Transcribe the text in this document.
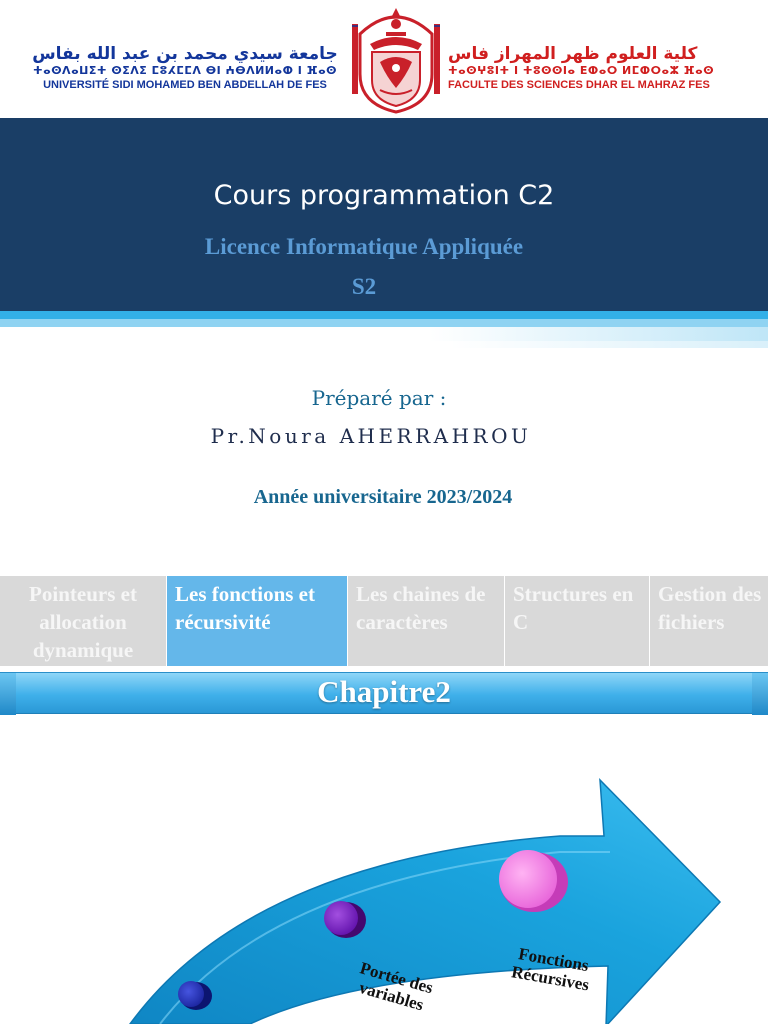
جامعة سيدي محمد بن عبد الله بفاس
ⵜⴰⵙⴷⴰⵡⵉⵜ ⵙⵉⴷⵉ ⵎⵓⵃⵎⵎⴷ ⴱⵏ ⵄⴱⴷⵍⵍⴰⵀ ⵏ ⴼⴰⵙ
UNIVERSITÉ SIDI MOHAMED BEN ABDELLAH DE FES
كلية العلوم ظهر المهراز فاس
ⵜⴰⵙⵖⵓⵏⵜ ⵏ ⵜⵓⵙⵙⵏⴰ ⴹⵀⴰⵔ ⵍⵎⵀⵔⴰⵣ ⴼⴰⵙ
FACULTE DES SCIENCES DHAR EL MAHRAZ FES
Cours programmation C2
Licence Informatique Appliquée
S2
Préparé par :
Pr.Noura AHERRAHROU
Année universitaire 2023/2024
Pointeurs et allocation dynamique
Les fonctions et récursivité
Les chaines de caractères
Structures en C
Gestion des fichiers
Chapitre2
Portée des variables
Fonctions Récursives
